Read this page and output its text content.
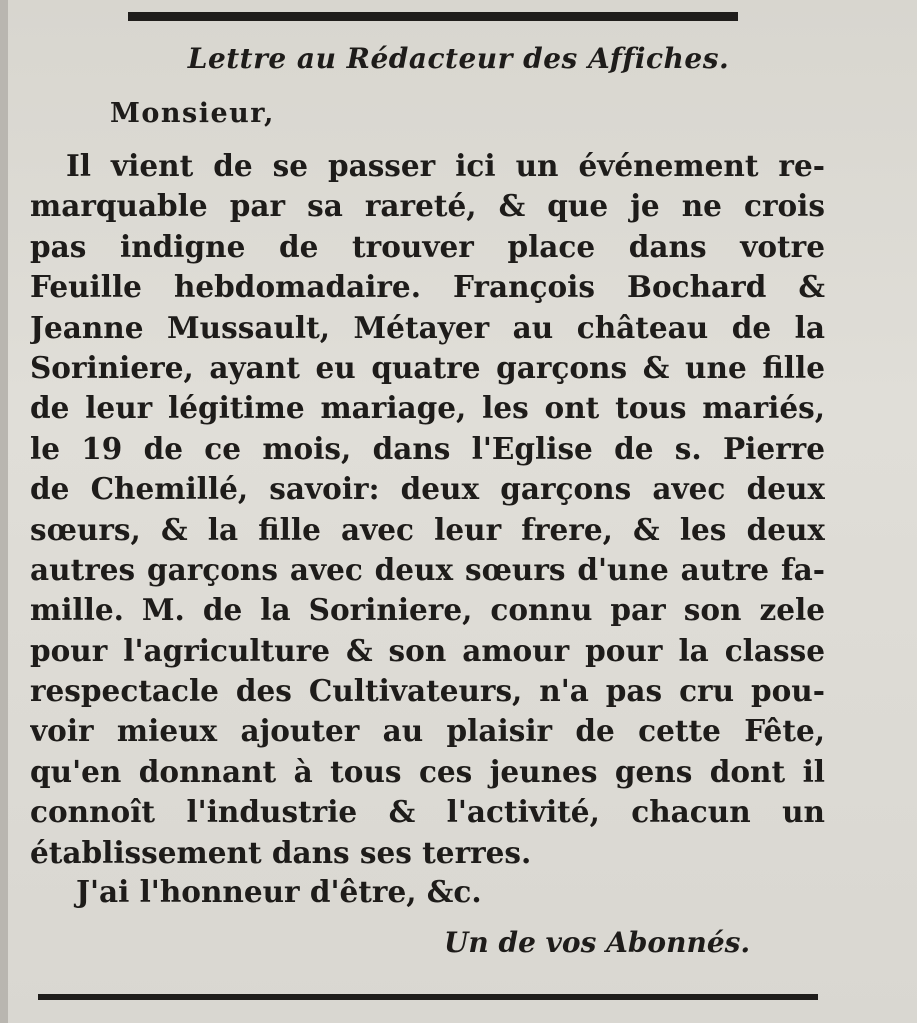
Lettre au Rédacteur des Affiches.
Monsieur,
Il vient de se passer ici un événement re-
marquable par sa rareté, & que je ne crois
pas indigne de trouver place dans votre
Feuille hebdomadaire. François Bochard &
Jeanne Mussault, Métayer au château de la
Soriniere, ayant eu quatre garçons & une fille
de leur légitime mariage, les ont tous mariés,
le 19 de ce mois, dans l'Eglise de s. Pierre
de Chemillé, savoir: deux garçons avec deux
sœurs, & la fille avec leur frere, & les deux
autres garçons avec deux sœurs d'une autre fa-
mille. M. de la Soriniere, connu par son zele
pour l'agriculture & son amour pour la classe
respectacle des Cultivateurs, n'a pas cru pou-
voir mieux ajouter au plaisir de cette Fête,
qu'en donnant à tous ces jeunes gens dont il
connoît l'industrie & l'activité, chacun un
établissement dans ses terres.
J'ai l'honneur d'être, &c.
Un de vos Abonnés.
